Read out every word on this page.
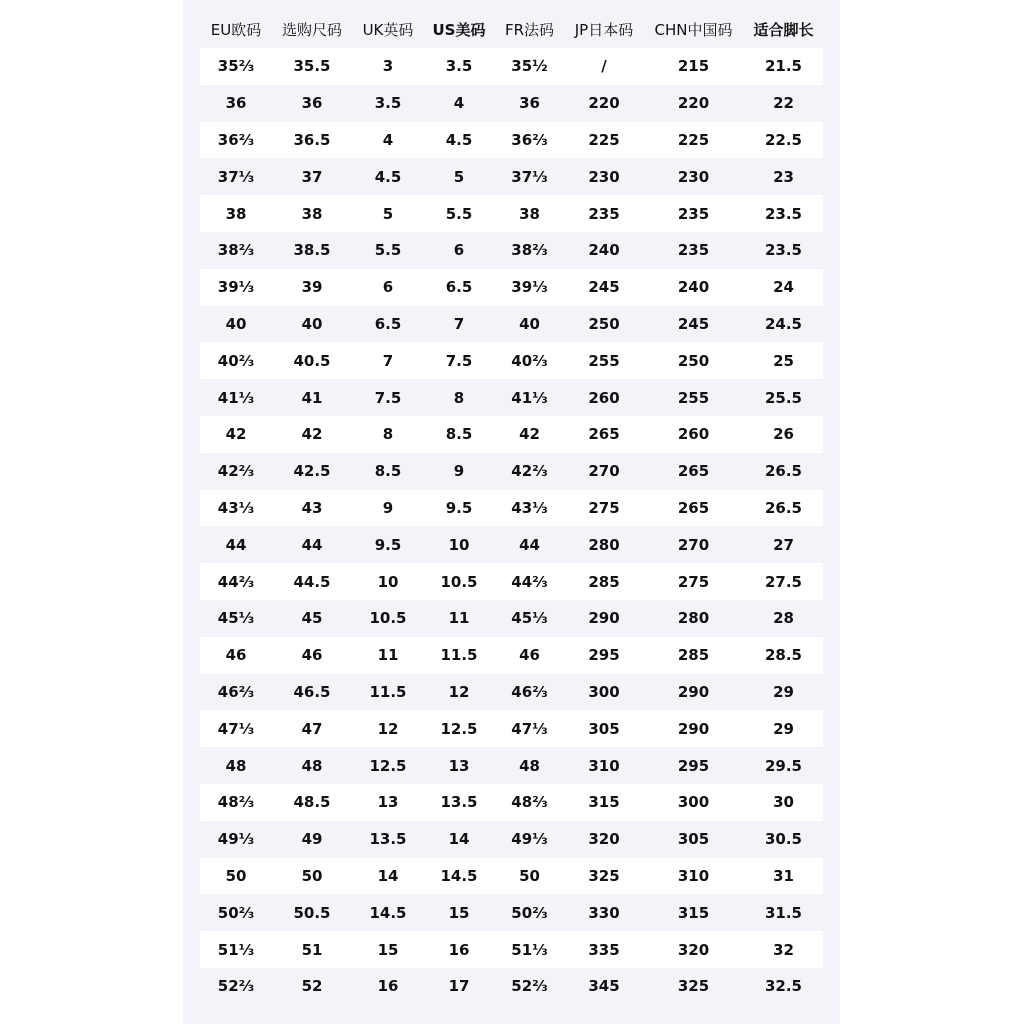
EU欧码	选购尺码	UK英码	US美码	FR法码	JP日本码	CHN中国码	适合脚长
35⅔	35.5	3	3.5	35½	/	215	21.5
36	36	3.5	4	36	220	220	22
36⅔	36.5	4	4.5	36⅔	225	225	22.5
37⅓	37	4.5	5	37⅓	230	230	23
38	38	5	5.5	38	235	235	23.5
38⅔	38.5	5.5	6	38⅔	240	235	23.5
39⅓	39	6	6.5	39⅓	245	240	24
40	40	6.5	7	40	250	245	24.5
40⅔	40.5	7	7.5	40⅔	255	250	25
41⅓	41	7.5	8	41⅓	260	255	25.5
42	42	8	8.5	42	265	260	26
42⅔	42.5	8.5	9	42⅔	270	265	26.5
43⅓	43	9	9.5	43⅓	275	265	26.5
44	44	9.5	10	44	280	270	27
44⅔	44.5	10	10.5	44⅔	285	275	27.5
45⅓	45	10.5	11	45⅓	290	280	28
46	46	11	11.5	46	295	285	28.5
46⅔	46.5	11.5	12	46⅔	300	290	29
47⅓	47	12	12.5	47⅓	305	290	29
48	48	12.5	13	48	310	295	29.5
48⅔	48.5	13	13.5	48⅔	315	300	30
49⅓	49	13.5	14	49⅓	320	305	30.5
50	50	14	14.5	50	325	310	31
50⅔	50.5	14.5	15	50⅔	330	315	31.5
51⅓	51	15	16	51⅓	335	320	32
52⅔	52	16	17	52⅔	345	325	32.5
